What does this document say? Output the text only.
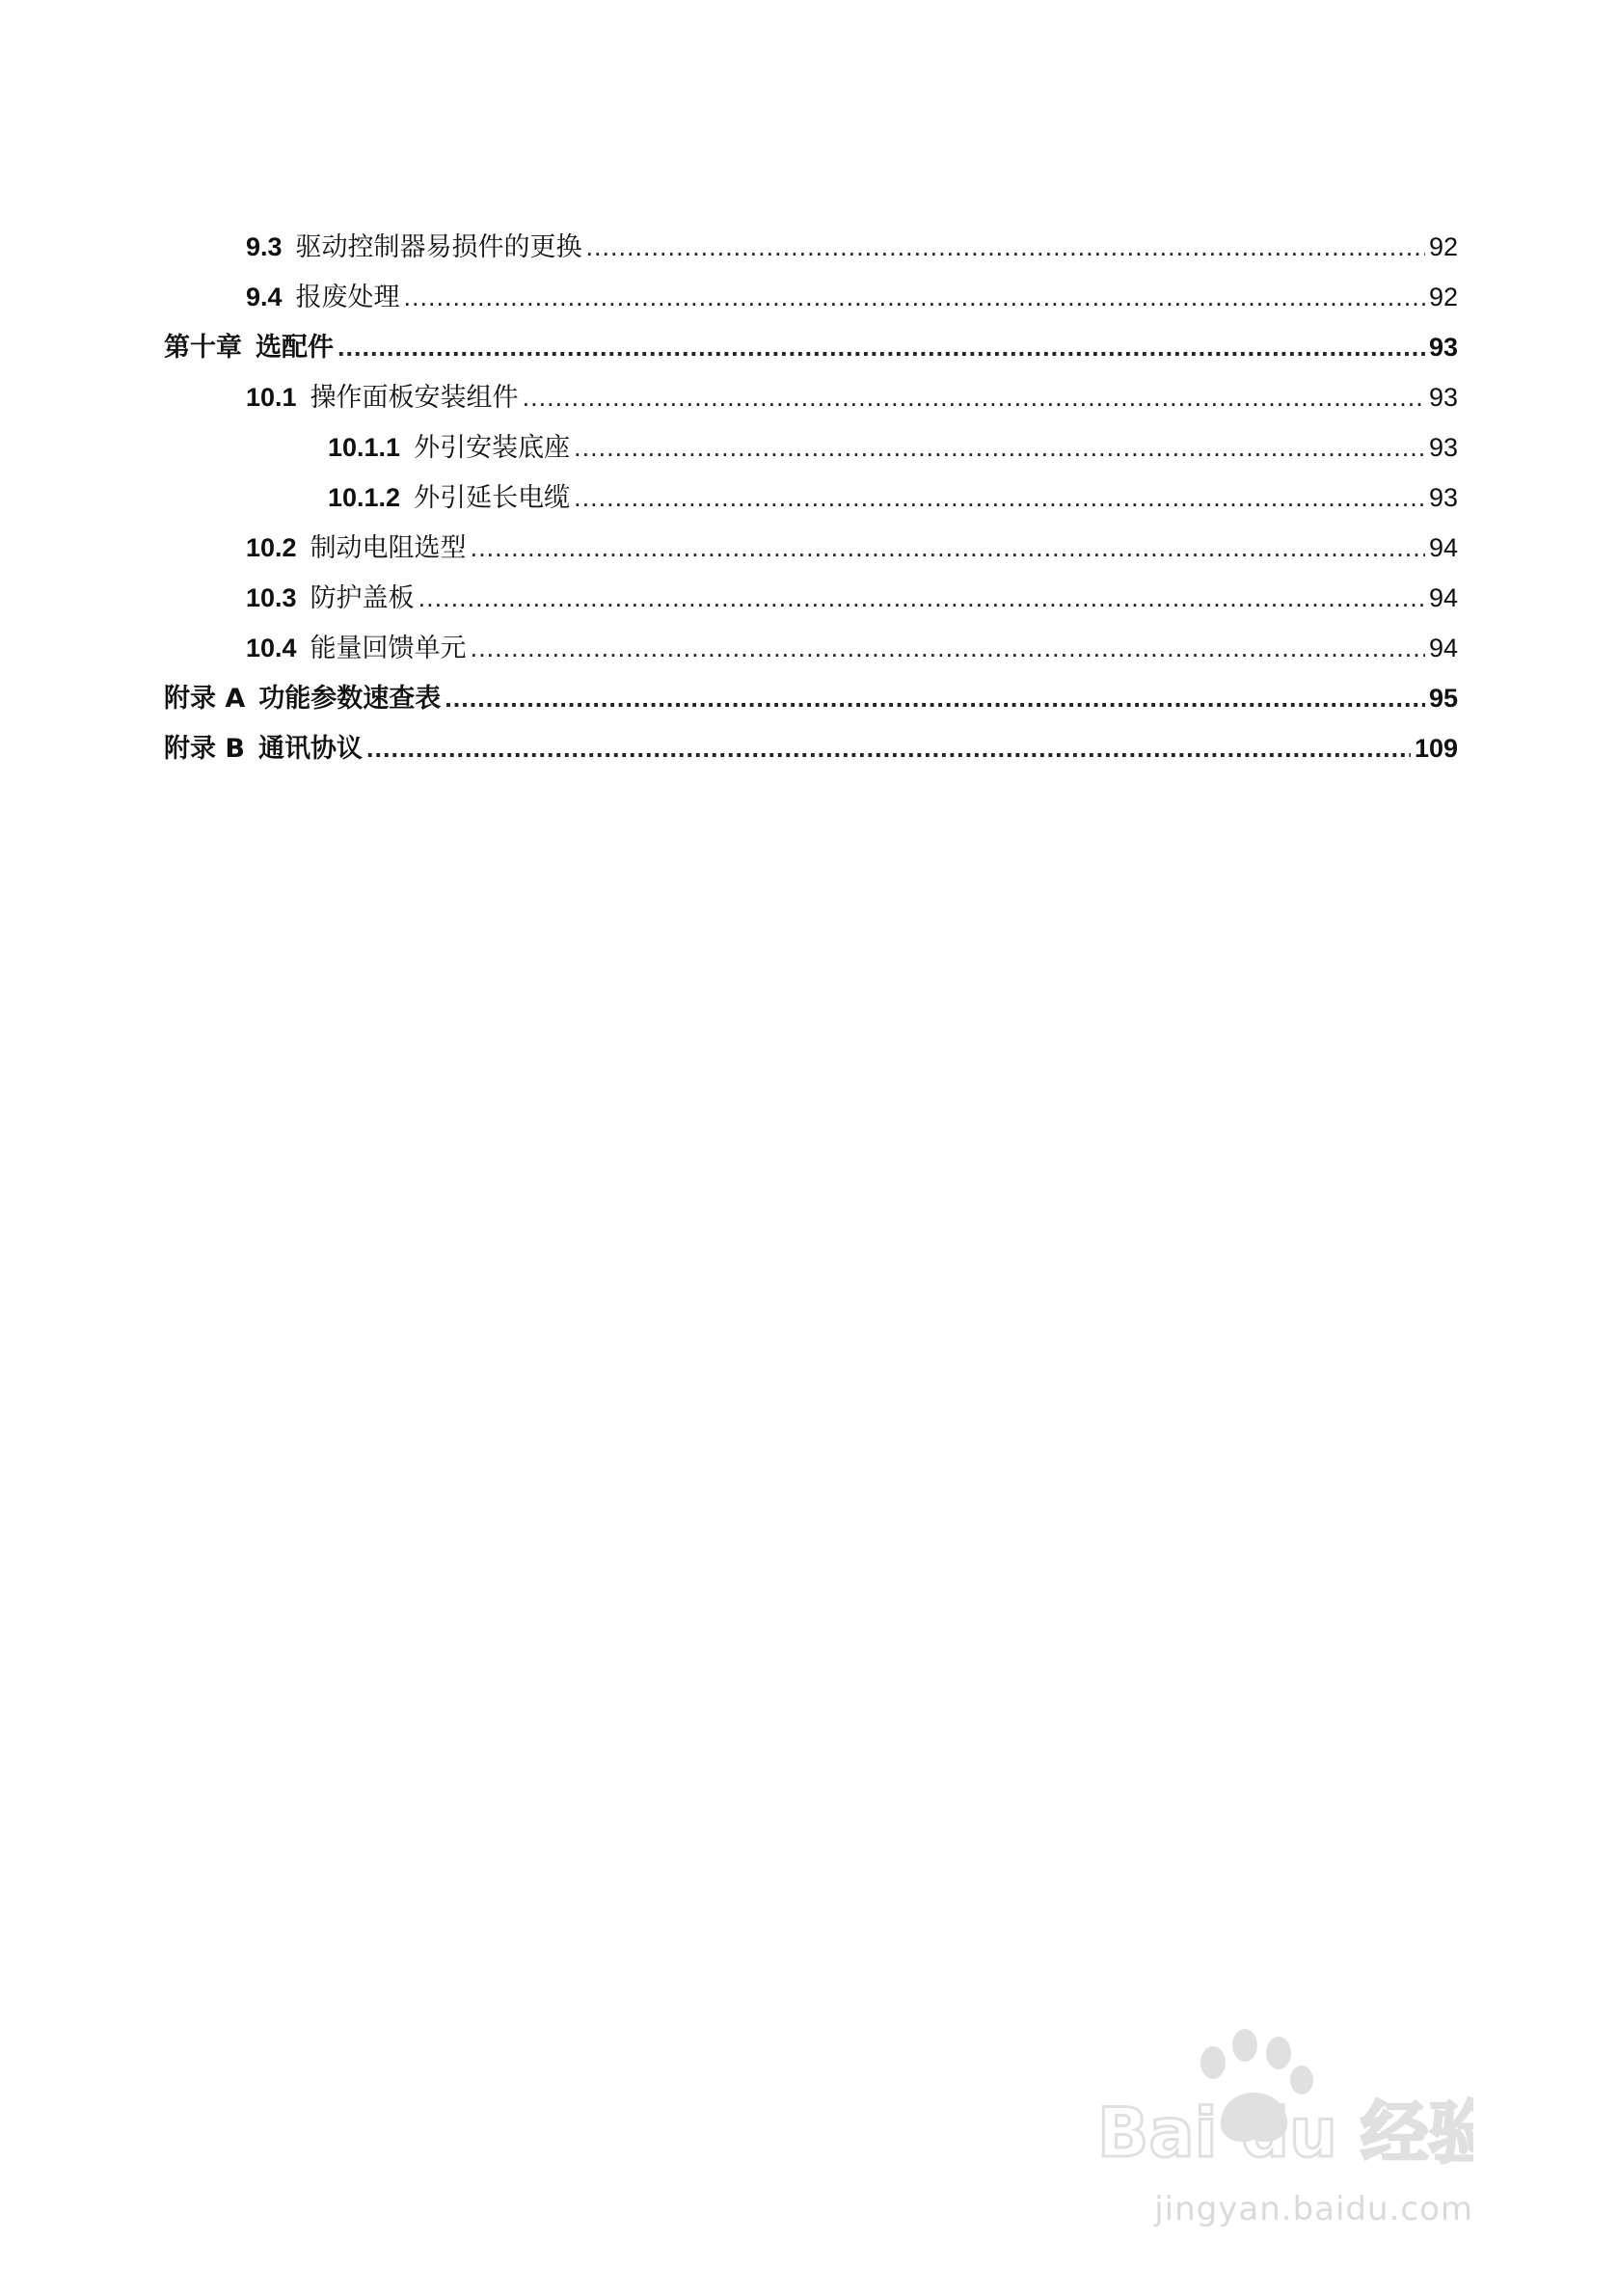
9.3 驱动控制器易损件的更换 .....	92
9.4 报废处理 .....	92
第十章 选配件 .....	93
10.1 操作面板安装组件 .....	93
10.1.1 外引安装底座 .....	93
10.1.2 外引延长电缆 .....	93
10.2 制动电阻选型 .....	94
10.3 防护盖板 .....	94
10.4 能量回馈单元 .....	94
附录 A 功能参数速查表 .....	95
附录 B 通讯协议 .....	109
Bai du 经验
jingyan.baidu.com
